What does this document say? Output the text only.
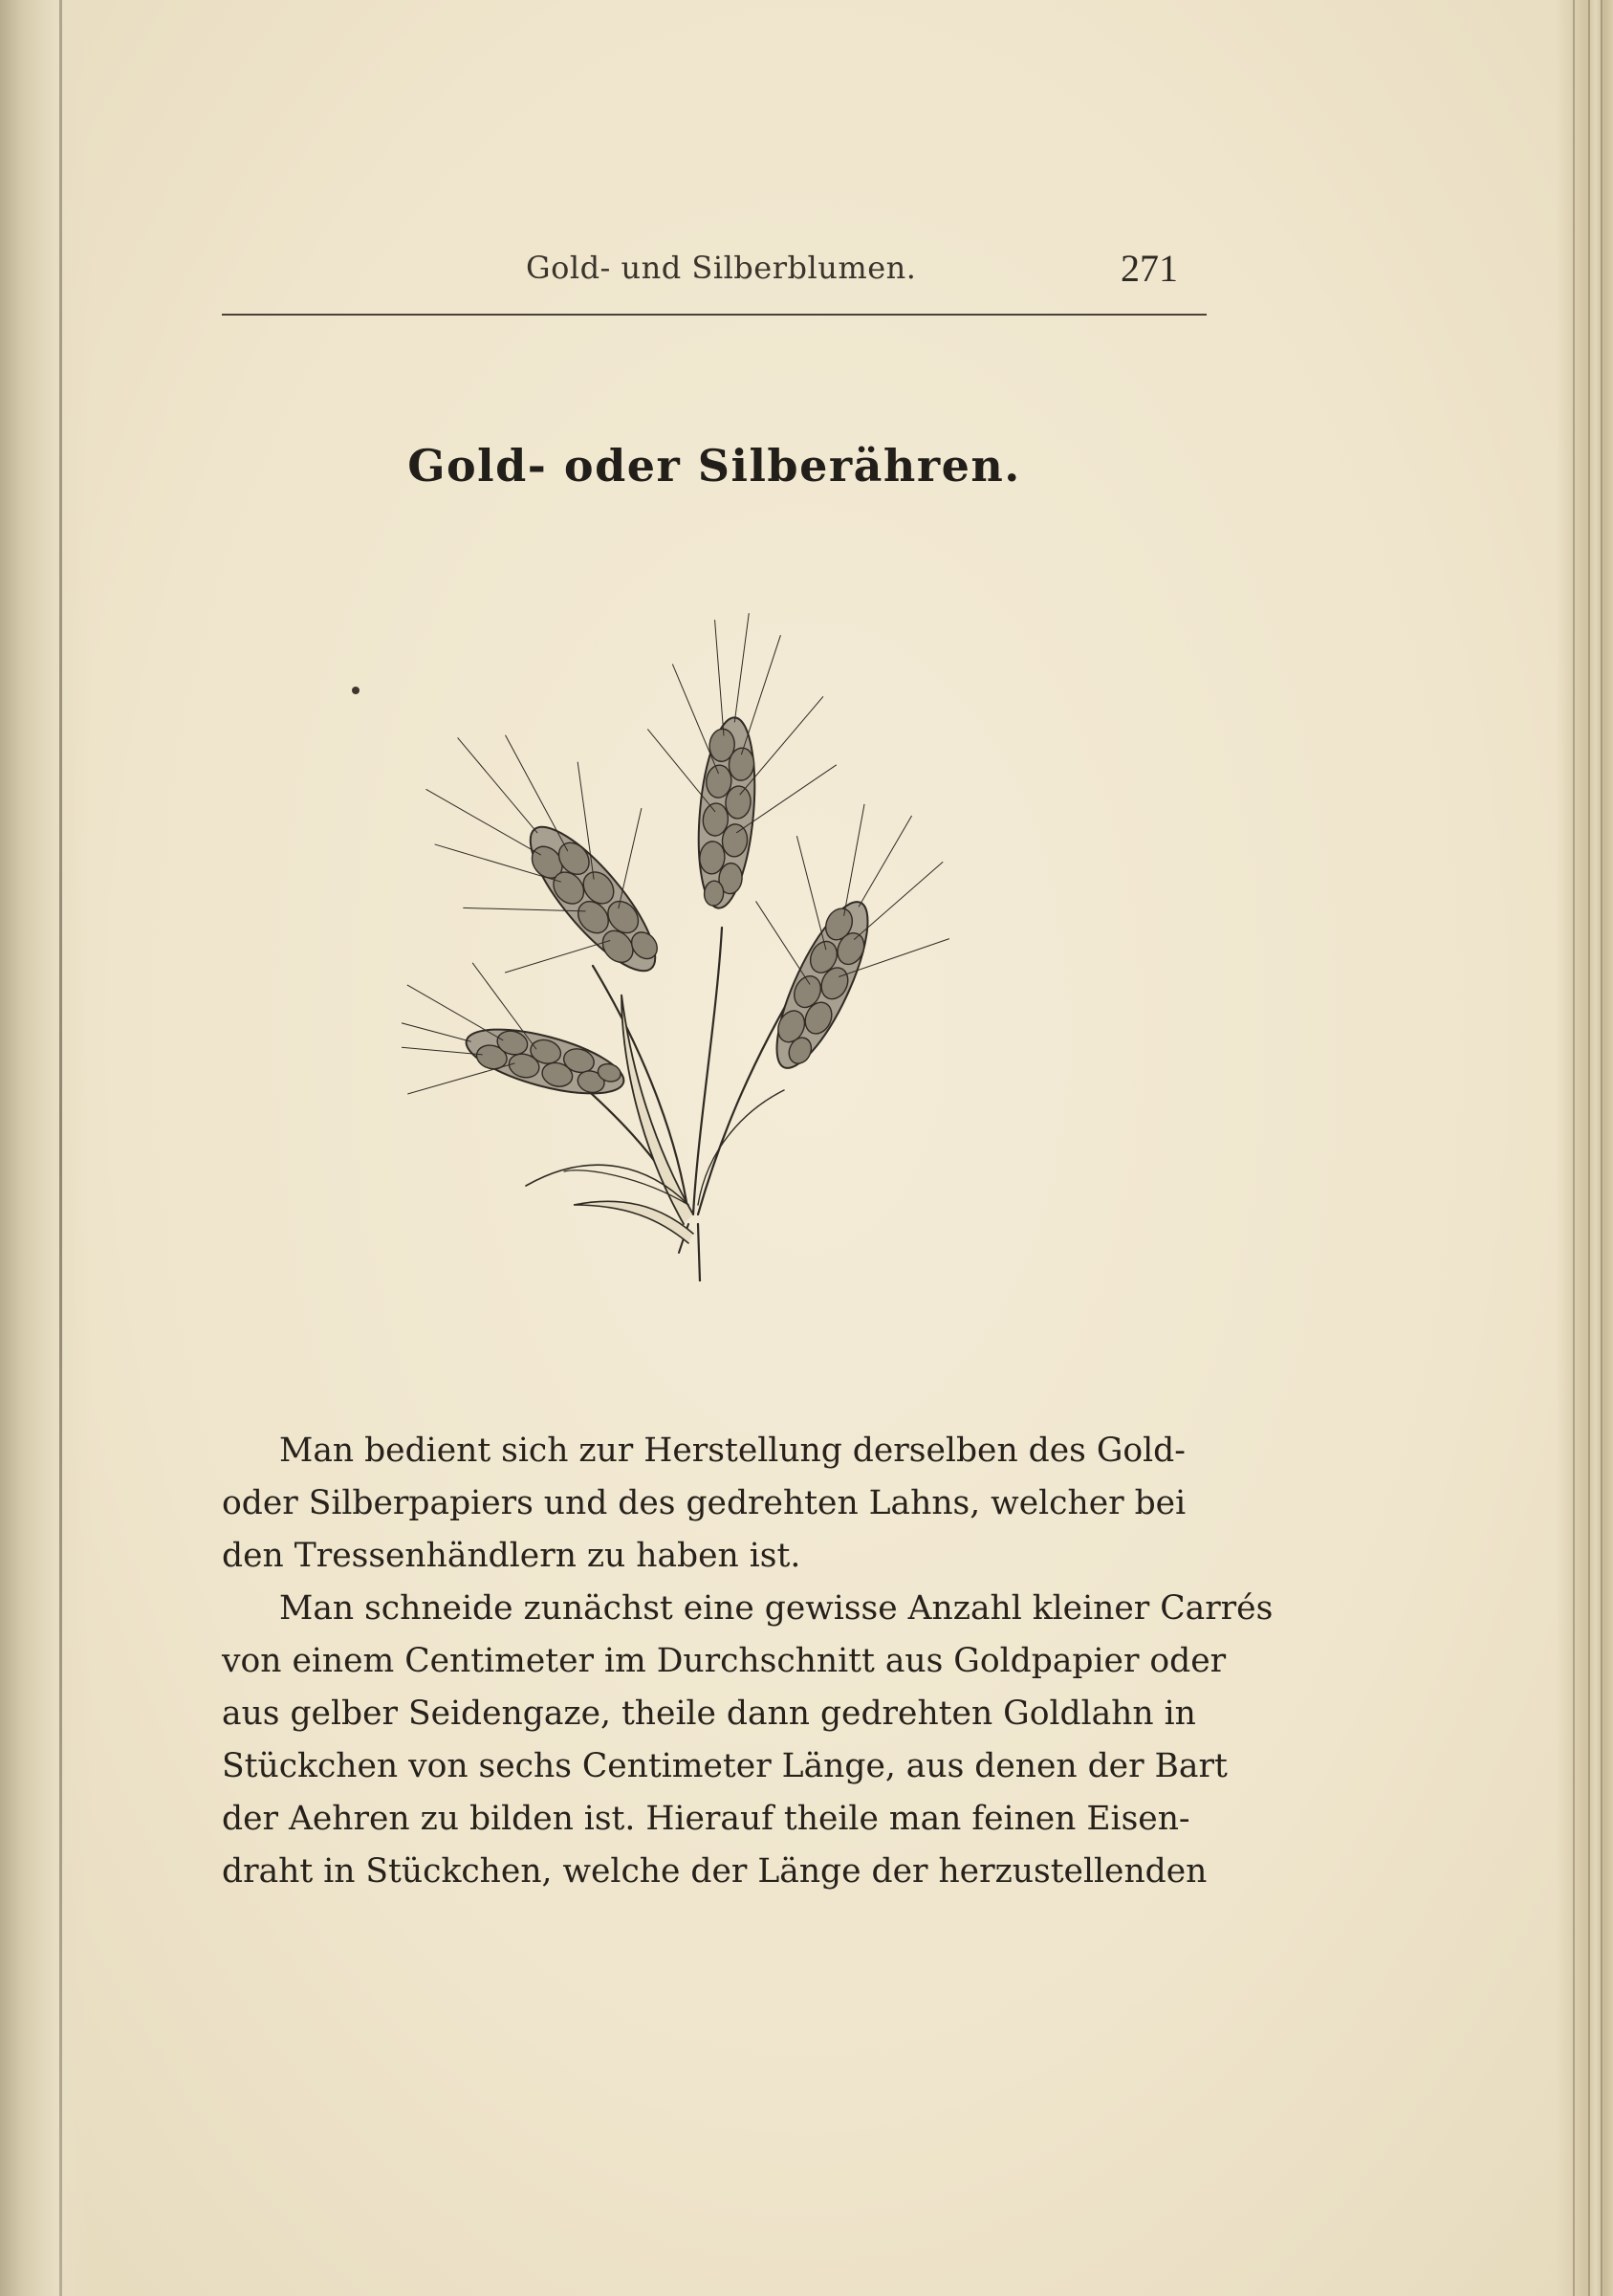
Gold- und Silberblumen.	271
Gold- oder Silberähren.

Man bedient sich zur Herstellung derselben des Gold-
oder Silberpapiers und des gedrehten Lahns, welcher bei
den Tressenhändlern zu haben ist.

Man schneide zunächst eine gewisse Anzahl kleiner Carrés
von einem Centimeter im Durchschnitt aus Goldpapier oder
aus gelber Seidengaze, theile dann gedrehten Goldlahn in
Stückchen von sechs Centimeter Länge, aus denen der Bart
der Aehren zu bilden ist. Hierauf theile man feinen Eisen-
draht in Stückchen, welche der Länge der herzustellenden
